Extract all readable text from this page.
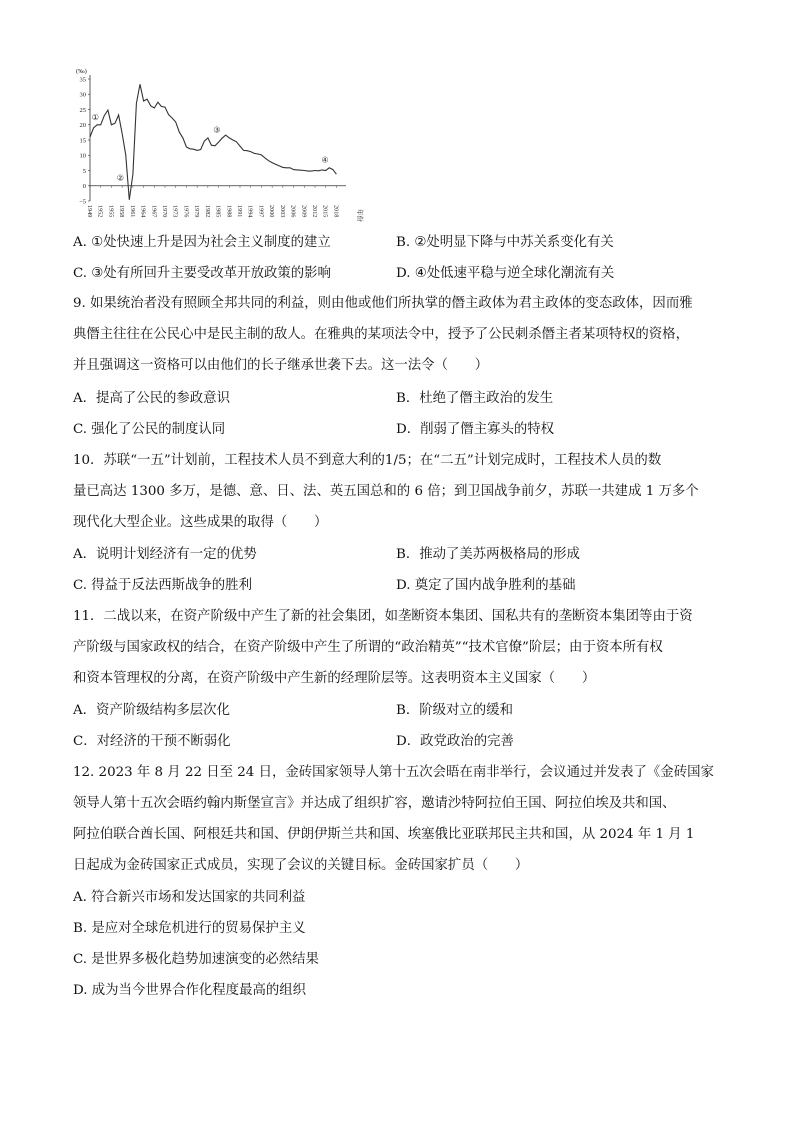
35
30
25
20
15
10
5
0
−5
1949 1952 1955 1958 1961 1964 1967 1970 1973 1976 1979 1982 1985 1988 1991 1994 1997 2000 2003 2006 2009 2012 2015 2018
①
②
③
④
(‰)
年份
A. ①处快速上升是因为社会主义制度的建立	B. ②处明显下降与中苏关系变化有关
C. ③处有所回升主要受改革开放政策的影响	D. ④处低速平稳与逆全球化潮流有关
9. 如果统治者没有照顾全邦共同的利益，则由他或他们所执掌的僭主政体为君主政体的变态政体，因而雅
典僭主往往在公民心中是民主制的敌人。在雅典的某项法令中，授予了公民刺杀僭主者某项特权的资格，
并且强调这一资格可以由他们的长子继承世袭下去。这一法令（　　）
A．提高了公民的参政意识	B．杜绝了僭主政治的发生
C. 强化了公民的制度认同	D．削弱了僭主寡头的特权
10．苏联“一五”计划前，工程技术人员不到意大利的1/5；在“二五”计划完成时，工程技术人员的数
量已高达 1300 多万，是德、意、日、法、英五国总和的 6 倍；到卫国战争前夕，苏联一共建成 1 万多个
现代化大型企业。这些成果的取得（　　）
A．说明计划经济有一定的优势	B．推动了美苏两极格局的形成
C. 得益于反法西斯战争的胜利	D. 奠定了国内战争胜利的基础
11．二战以来，在资产阶级中产生了新的社会集团，如垄断资本集团、国私共有的垄断资本集团等由于资
产阶级与国家政权的结合，在资产阶级中产生了所谓的“政治精英”“技术官僚”阶层；由于资本所有权
和资本管理权的分离，在资产阶级中产生新的经理阶层等。这表明资本主义国家（　　）
A．资产阶级结构多层次化	B．阶级对立的缓和
C．对经济的干预不断弱化	D．政党政治的完善
12. 2023 年 8 月 22 日至 24 日，金砖国家领导人第十五次会晤在南非举行，会议通过并发表了《金砖国家
领导人第十五次会晤约翰内斯堡宣言》并达成了组织扩容，邀请沙特阿拉伯王国、阿拉伯埃及共和国、
阿拉伯联合酋长国、阿根廷共和国、伊朗伊斯兰共和国、埃塞俄比亚联邦民主共和国，从 2024 年 1 月 1
日起成为金砖国家正式成员，实现了会议的关键目标。金砖国家扩员（　　）
A. 符合新兴市场和发达国家的共同利益
B. 是应对全球危机进行的贸易保护主义
C. 是世界多极化趋势加速演变的必然结果
D. 成为当今世界合作化程度最高的组织
